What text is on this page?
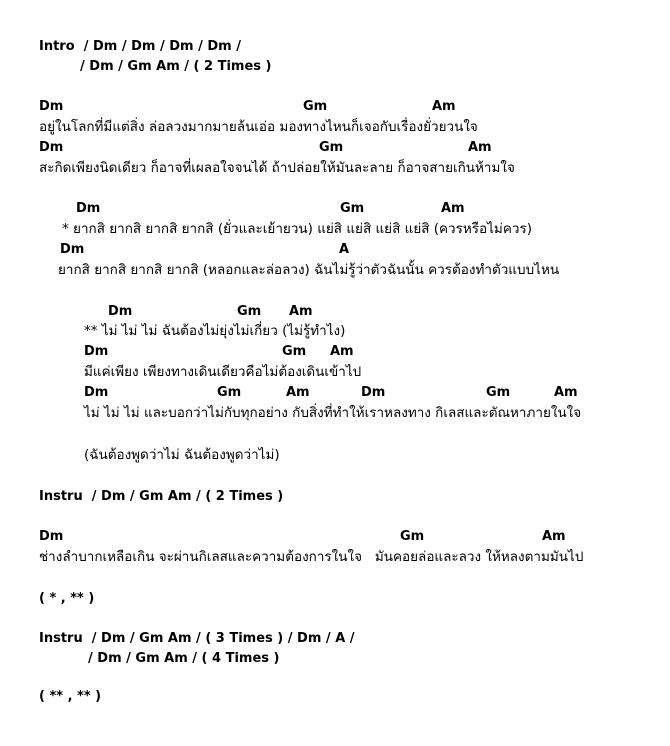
Intro  / Dm / Dm / Dm / Dm /
/ Dm / Gm Am / ( 2 Times )

Dm

	Gm

	Am

อยู่ในโลกที่มีแต่สิ่ง ล่อลวงมากมายล้นเอ่อ มองทางไหนก็เจอกับเรื่องยั่วยวนใจ

Dm

	Gm

	Am

สะกิดเพียงนิดเดียว ก็อาจที่เผลอใจจนได้ ถ้าปล่อยให้มันละลาย ก็อาจสายเกินห้ามใจ

Dm

	Gm

	Am

* ยากสิ ยากสิ ยากสิ ยากสิ (ยั่วและเย้ายวน) แย่สิ แย่สิ แย่สิ แย่สิ (ควรหรือไม่ควร)

Dm

	A

ยากสิ ยากสิ ยากสิ ยากสิ (หลอกและล่อลวง) ฉันไม่รู้ว่าตัวฉันนั้น ควรต้องทำตัวแบบไหน

Dm

	Gm

Am

** ไม่ ไม่ ไม่ ฉันต้องไม่ยุ่งไม่เกี่ยว (ไม่รู้ทำไง)

Dm

	Gm

Am

มีแค่เพียง เพียงทางเดินเดียวคือไม่ต้องเดินเข้าไป

Dm

	Gm

	Am

	Dm

	Gm

	Am

ไม่ ไม่ ไม่ และบอกว่าไม่กับทุกอย่าง กับสิ่งที่ทำให้เราหลงทาง กิเลสและตัณหาภายในใจ
(ฉันต้องพูดว่าไม่ ฉันต้องพูดว่าไม่)
Instru  / Dm / Gm Am / ( 2 Times )

Dm

	Gm

	Am

ช่างลำบากเหลือเกิน จะผ่านกิเลสและความต้องการในใจ   มันคอยล่อและลวง ให้หลงตามมันไป
( * , ** )
Instru  / Dm / Gm Am / ( 3 Times ) / Dm / A /
/ Dm / Gm Am / ( 4 Times )
( ** , ** )
